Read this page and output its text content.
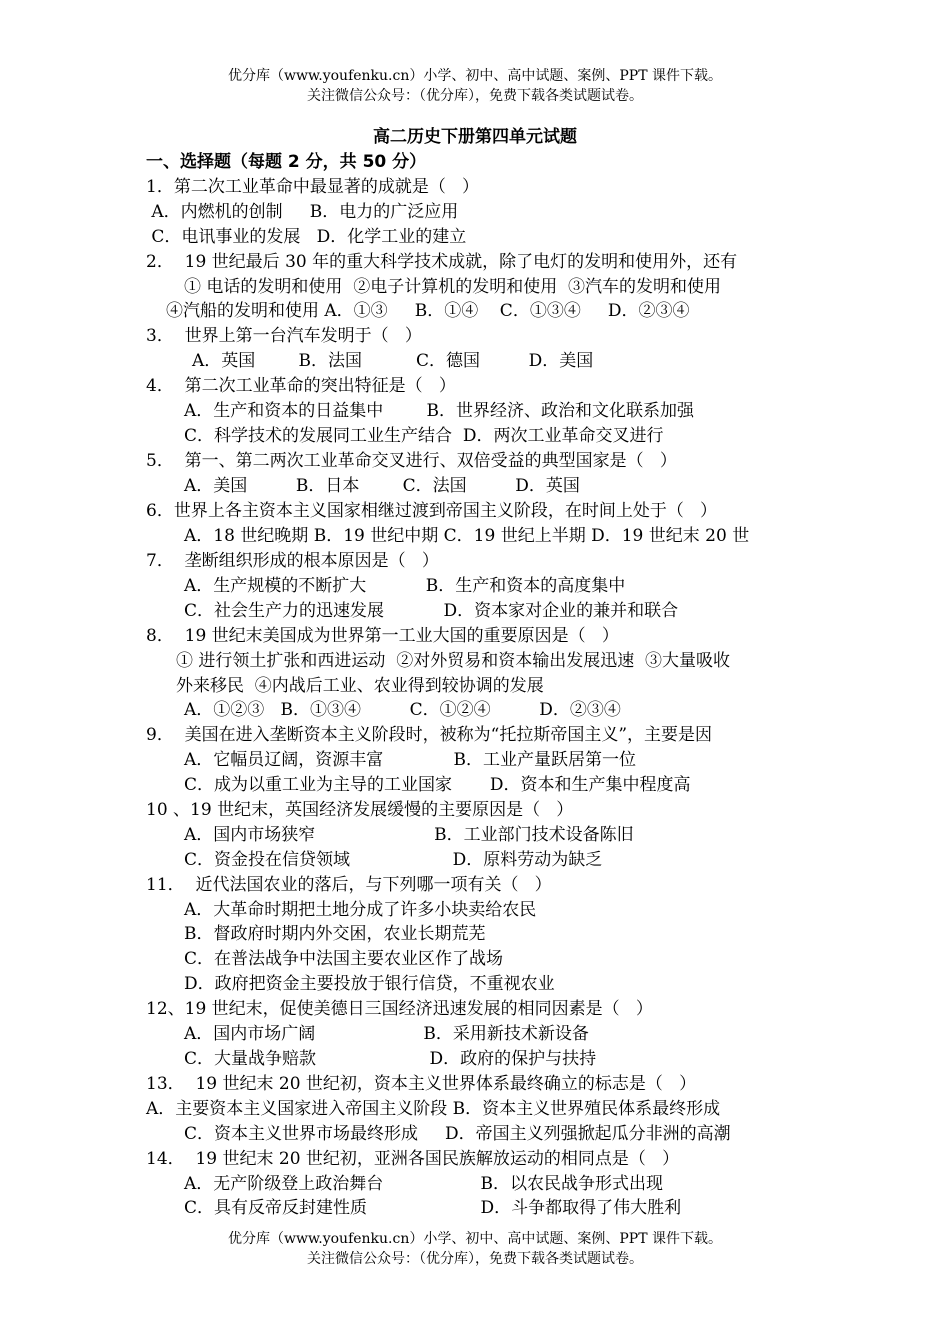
优分库（www.youfenku.cn）小学、初中、高中试题、案例、PPT 课件下载。
关注微信公众号：（优分库），免费下载各类试题试卷。
高二历史下册第四单元试题
一、选择题（每题 2 分，共 50 分）
1．第二次工业革命中最显著的成就是（   ）
A．内燃机的创制     B．电力的广泛应用
C．电讯事业的发展   D．化学工业的建立
2．  19 世纪最后 30 年的重大科学技术成就，除了电灯的发明和使用外，还有
① 电话的发明和使用  ②电子计算机的发明和使用  ③汽车的发明和使用
④汽船的发明和使用 A．①③     B．①④    C．①③④     D．②③④
3．  世界上第一台汽车发明于（   ）
A．英国        B．法国          C．德国         D．美国
4．  第二次工业革命的突出特征是（   ）
A．生产和资本的日益集中        B．世界经济、政治和文化联系加强
C．科学技术的发展同工业生产结合  D．两次工业革命交叉进行
5．  第一、第二两次工业革命交叉进行、双倍受益的典型国家是（   ）
A．美国         B．日本        C．法国         D．英国
6．世界上各主资本主义国家相继过渡到帝国主义阶段，在时间上处于（   ）
A．18 世纪晚期 B．19 世纪中期 C．19 世纪上半期 D．19 世纪末 20 世
7．  垄断组织形成的根本原因是（   ）
A．生产规模的不断扩大           B．生产和资本的高度集中
C．社会生产力的迅速发展           D．资本家对企业的兼并和联合
8．  19 世纪末美国成为世界第一工业大国的重要原因是（   ）
① 进行领土扩张和西进运动  ②对外贸易和资本输出发展迅速  ③大量吸收
外来移民  ④内战后工业、农业得到较协调的发展
A．①②③   B．①③④         C．①②④         D．②③④
9．  美国在进入垄断资本主义阶段时，被称为“托拉斯帝国主义”，主要是因
A．它幅员辽阔，资源丰富             B．工业产量跃居第一位
C．成为以重工业为主导的工业国家       D．资本和生产集中程度高
10 、19 世纪末，英国经济发展缓慢的主要原因是（   ）
A．国内市场狭窄                      B．工业部门技术设备陈旧
C．资金投在信贷领域                   D．原料劳动为缺乏
11．  近代法国农业的落后，与下列哪一项有关（   ）
A．大革命时期把土地分成了许多小块卖给农民
B．督政府时期内外交困，农业长期荒芜
C．在普法战争中法国主要农业区作了战场
D．政府把资金主要投放于银行信贷，不重视农业
12、19 世纪末，促使美德日三国经济迅速发展的相同因素是（   ）
A．国内市场广阔                    B．采用新技术新设备
C．大量战争赔款                     D．政府的保护与扶持
13．  19 世纪末 20 世纪初，资本主义世界体系最终确立的标志是（   ）
A．主要资本主义国家进入帝国主义阶段 B．资本主义世界殖民体系最终形成
C．资本主义世界市场最终形成     D．帝国主义列强掀起瓜分非洲的高潮
14．  19 世纪末 20 世纪初，亚洲各国民族解放运动的相同点是（   ）
A．无产阶级登上政治舞台                  B．以农民战争形式出现
C．具有反帝反封建性质                     D．斗争都取得了伟大胜利
优分库（www.youfenku.cn）小学、初中、高中试题、案例、PPT 课件下载。
关注微信公众号：（优分库），免费下载各类试题试卷。
